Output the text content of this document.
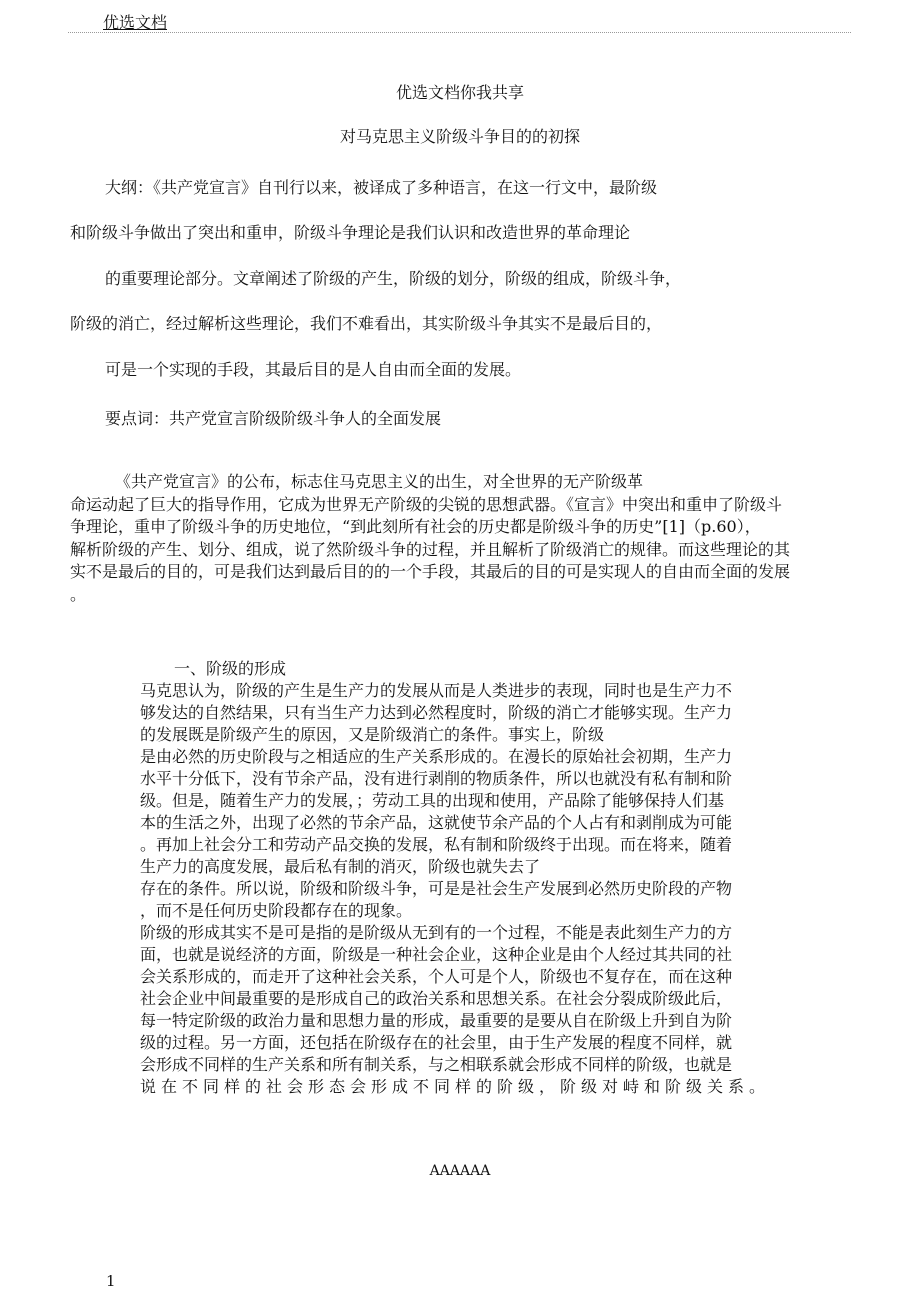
优选文档
优选文档你我共享
对马克思主义阶级斗争目的的初探
大纲：《共产党宣言》自刊行以来，被译成了多种语言，在这一行文中，最阶级
和阶级斗争做出了突出和重申，阶级斗争理论是我们认识和改造世界的革命理论
的重要理论部分。文章阐述了阶级的产生，阶级的划分，阶级的组成，阶级斗争，
阶级的消亡，经过解析这些理论，我们不难看出，其实阶级斗争其实不是最后目的，
可是一个实现的手段，其最后目的是人自由而全面的发展。
要点词：共产党宣言阶级阶级斗争人的全面发展
《共产党宣言》的公布，标志住马克思主义的出生，对全世界的无产阶级革
命运动起了巨大的指导作用，它成为世界无产阶级的尖锐的思想武器。《宣言》中突出和重申了阶级斗
争理论，重申了阶级斗争的历史地位，“到此刻所有社会的历史都是阶级斗争的历史”[1]（p.60），
解析阶级的产生、划分、组成，说了然阶级斗争的过程，并且解析了阶级消亡的规律。而这些理论的其
实不是最后的目的，可是我们达到最后目的的一个手段，其最后的目的可是实现人的自由而全面的发展
。
一、阶级的形成
马克思认为，阶级的产生是生产力的发展从而是人类进步的表现，同时也是生产力不
够发达的自然结果，只有当生产力达到必然程度时，阶级的消亡才能够实现。生产力
的发展既是阶级产生的原因，又是阶级消亡的条件。事实上，阶级
是由必然的历史阶段与之相适应的生产关系形成的。在漫长的原始社会初期，生产力
水平十分低下，没有节余产品，没有进行剥削的物质条件，所以也就没有私有制和阶
级。但是，随着生产力的发展，；劳动工具的出现和使用，产品除了能够保持人们基
本的生活之外，出现了必然的节余产品，这就使节余产品的个人占有和剥削成为可能
。再加上社会分工和劳动产品交换的发展，私有制和阶级终于出现。而在将来，随着
生产力的高度发展，最后私有制的消灭，阶级也就失去了
存在的条件。所以说，阶级和阶级斗争，可是是社会生产发展到必然历史阶段的产物
，而不是任何历史阶段都存在的现象。
阶级的形成其实不是可是指的是阶级从无到有的一个过程，不能是表此刻生产力的方
面，也就是说经济的方面，阶级是一种社会企业，这种企业是由个人经过其共同的社
会关系形成的，而走开了这种社会关系，个人可是个人，阶级也不复存在，而在这种
社会企业中间最重要的是形成自己的政治关系和思想关系。在社会分裂成阶级此后，
每一特定阶级的政治力量和思想力量的形成，最重要的是要从自在阶级上升到自为阶
级的过程。另一方面，还包括在阶级存在的社会里，由于生产发展的程度不同样，就
会形成不同样的生产关系和所有制关系，与之相联系就会形成不同样的阶级，也就是
说在不同样的社会形态会形成不同样的阶级，阶级对峙和阶级关系。
AAAAAA
1
